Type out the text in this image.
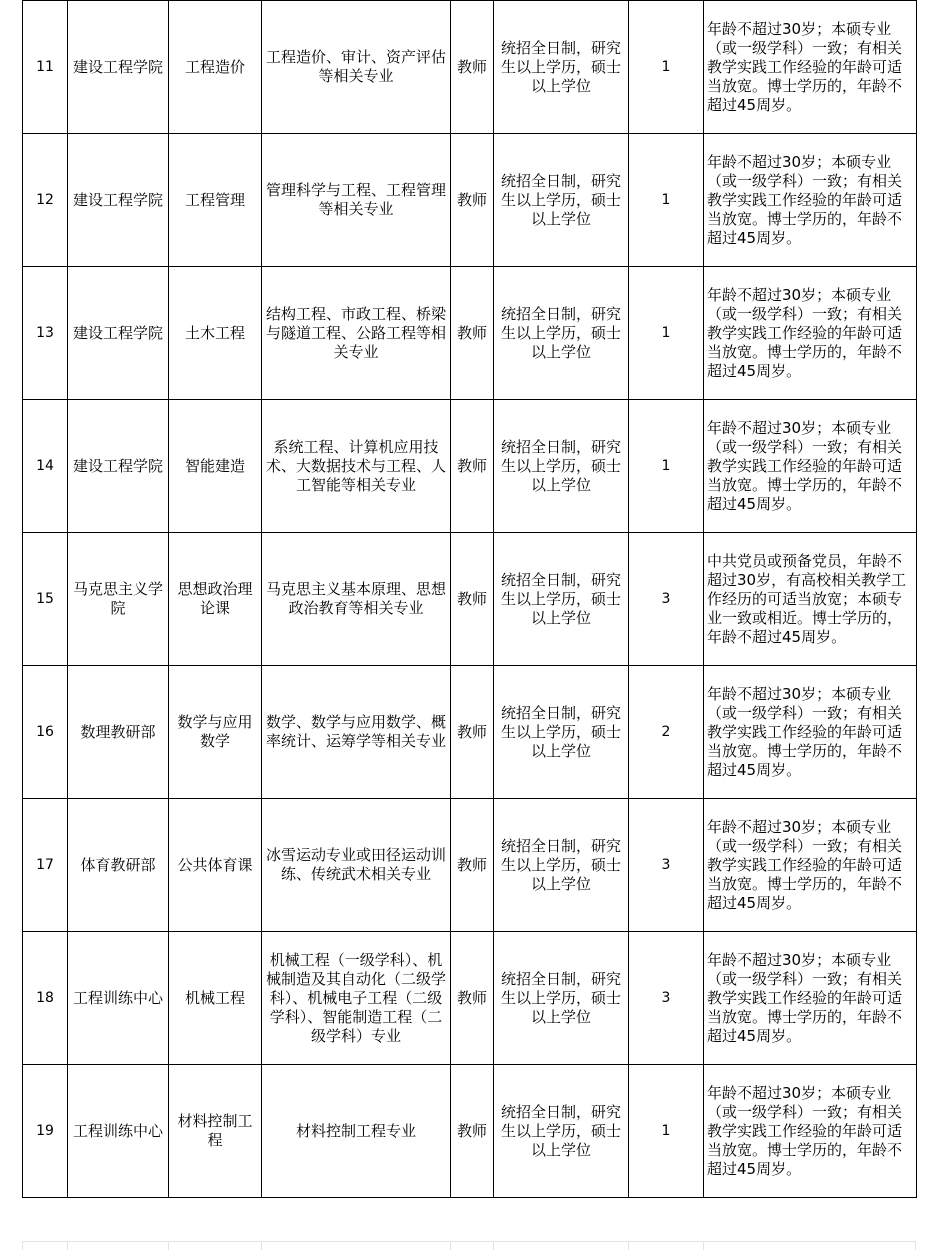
11	建设工程学院	工程造价	工程造价、审计、资产评估等相关专业	教师	统招全日制，研究生以上学历，硕士以上学位	1	年龄不超过30岁；本硕专业（或一级学科）一致；有相关教学实践工作经验的年龄可适当放宽。博士学历的，年龄不超过45周岁。
12	建设工程学院	工程管理	管理科学与工程、工程管理等相关专业	教师	统招全日制，研究生以上学历，硕士以上学位	1	年龄不超过30岁；本硕专业（或一级学科）一致；有相关教学实践工作经验的年龄可适当放宽。博士学历的，年龄不超过45周岁。
13	建设工程学院	土木工程	结构工程、市政工程、桥梁与隧道工程、公路工程等相关专业	教师	统招全日制，研究生以上学历，硕士以上学位	1	年龄不超过30岁；本硕专业（或一级学科）一致；有相关教学实践工作经验的年龄可适当放宽。博士学历的，年龄不超过45周岁。
14	建设工程学院	智能建造	系统工程、计算机应用技术、大数据技术与工程、人工智能等相关专业	教师	统招全日制，研究生以上学历，硕士以上学位	1	年龄不超过30岁；本硕专业（或一级学科）一致；有相关教学实践工作经验的年龄可适当放宽。博士学历的，年龄不超过45周岁。
15	马克思主义学院	思想政治理论课	马克思主义基本原理、思想政治教育等相关专业	教师	统招全日制，研究生以上学历，硕士以上学位	3	中共党员或预备党员，年龄不超过30岁，有高校相关教学工作经历的可适当放宽；本硕专业一致或相近。博士学历的，年龄不超过45周岁。
16	数理教研部	数学与应用数学	数学、数学与应用数学、概率统计、运筹学等相关专业	教师	统招全日制，研究生以上学历，硕士以上学位	2	年龄不超过30岁；本硕专业（或一级学科）一致；有相关教学实践工作经验的年龄可适当放宽。博士学历的，年龄不超过45周岁。
17	体育教研部	公共体育课	冰雪运动专业或田径运动训练、传统武术相关专业	教师	统招全日制，研究生以上学历，硕士以上学位	3	年龄不超过30岁；本硕专业（或一级学科）一致；有相关教学实践工作经验的年龄可适当放宽。博士学历的，年龄不超过45周岁。
18	工程训练中心	机械工程	机械工程（一级学科）、机械制造及其自动化（二级学科）、机械电子工程（二级学科）、智能制造工程（二级学科）专业	教师	统招全日制，研究生以上学历，硕士以上学位	3	年龄不超过30岁；本硕专业（或一级学科）一致；有相关教学实践工作经验的年龄可适当放宽。博士学历的，年龄不超过45周岁。
19	工程训练中心	材料控制工程	材料控制工程专业	教师	统招全日制，研究生以上学历，硕士以上学位	1	年龄不超过30岁；本硕专业（或一级学科）一致；有相关教学实践工作经验的年龄可适当放宽。博士学历的，年龄不超过45周岁。
